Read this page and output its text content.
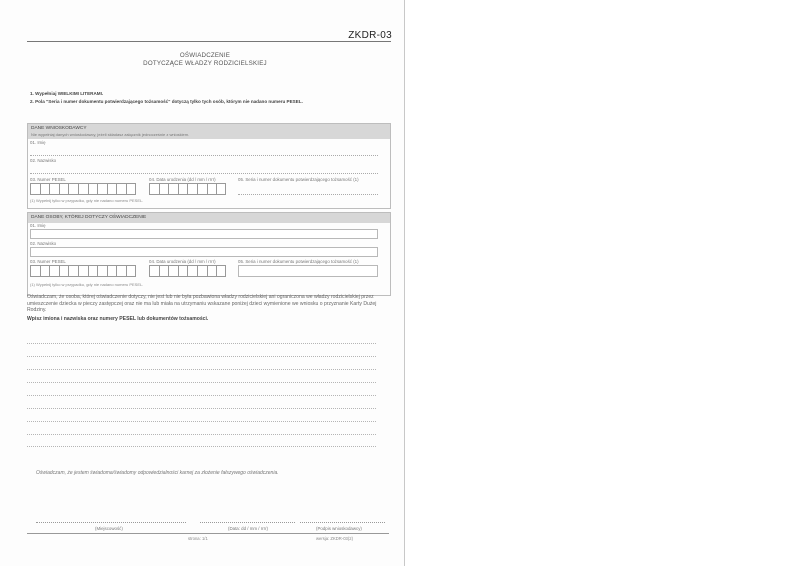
ZKDR-03
OŚWIADCZENIE
DOTYCZĄCE WŁADZY RODZICIELSKIEJ
1. Wypełniaj WIELKIMI LITERAMI.
2. Pola "Seria i numer dokumentu potwierdzającego tożsamość" dotyczą tylko tych osób, którym nie nadano numeru PESEL.
DANE WNIOSKODAWCY
Nie wypełniaj danych wnioskodawcy, jeżeli składasz załącznik jednocześnie z wnioskiem.
01. Imię
02. Nazwisko
03. Numer PESEL	04. Data urodzenia (dd / mm / rrrr)	05. Seria i numer dokumentu potwierdzającego tożsamość (1)
(1) Wypełnij tylko w przypadku, gdy nie nadano numeru PESEL.
DANE OSOBY, KTÓREJ DOTYCZY OŚWIADCZENIE
01. Imię
02. Nazwisko
03. Numer PESEL	04. Data urodzenia (dd / mm / rrrr)	05. Seria i numer dokumentu potwierdzającego tożsamość (1)
(1) Wypełnij tylko w przypadku, gdy nie nadano numeru PESEL.
Oświadczam, że osoba, której oświadczenie dotyczy, nie jest lub nie była pozbawiona władzy rodzicielskiej ani ograniczona we władzy rodzicielskiej przez umieszczenie dziecka w pieczy zastępczej oraz nie ma lub miała na utrzymaniu wskazane poniżej dzieci wymienione we wniosku o przyznanie Karty Dużej Rodziny.
Wpisz imiona i nazwiska oraz numery PESEL lub dokumentów tożsamości.
Oświadczam, że jestem świadoma/świadomy odpowiedzialności karnej za złożenie fałszywego oświadczenia.
(Miejscowość)	(Data: dd / mm / rrrr)	(Podpis wnioskodawcy)
strona: 1/1	wersja: ZKDR-03(2)
